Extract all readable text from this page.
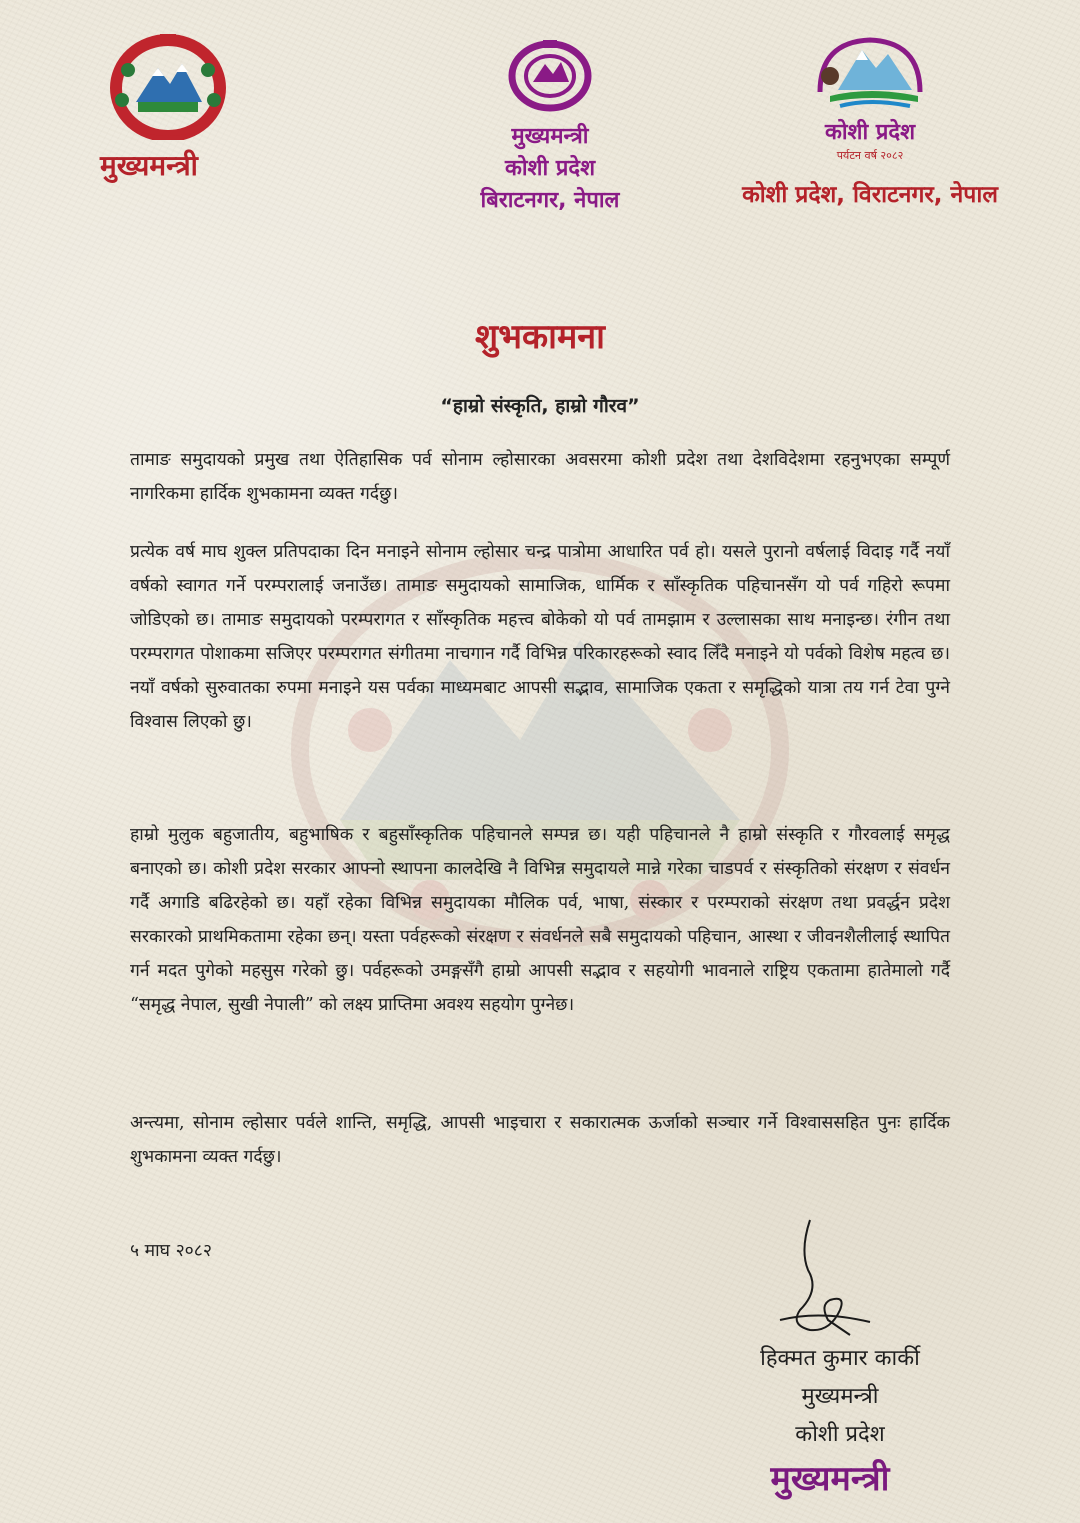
मुख्यमन्त्री
मुख्यमन्त्री
कोशी प्रदेश
बिराटनगर, नेपाल
कोशी प्रदेश
पर्यटन वर्ष २०८२
कोशी प्रदेश, विराटनगर, नेपाल
शुभकामना
“हाम्रो संस्कृति, हाम्रो गौरव”
तामाङ समुदायको प्रमुख तथा ऐतिहासिक पर्व सोनाम ल्होसारका अवसरमा कोशी प्रदेश तथा देशविदेशमा रहनुभएका सम्पूर्ण नागरिकमा हार्दिक शुभकामना व्यक्त गर्दछु।
प्रत्येक वर्ष माघ शुक्ल प्रतिपदाका दिन मनाइने सोनाम ल्होसार चन्द्र पात्रोमा आधारित पर्व हो। यसले पुरानो वर्षलाई विदाइ गर्दै नयाँ वर्षको स्वागत गर्ने परम्परालाई जनाउँछ। तामाङ समुदायको सामाजिक, धार्मिक र साँस्कृतिक पहिचानसँग यो पर्व गहिरो रूपमा जोडिएको छ। तामाङ समुदायको परम्परागत र साँस्कृतिक महत्त्व बोकेको यो पर्व तामझाम र उल्लासका साथ मनाइन्छ। रंगीन तथा परम्परागत पोशाकमा सजिएर परम्परागत संगीतमा नाचगान गर्दै विभिन्न परिकारहरूको स्वाद लिँदै मनाइने यो पर्वको विशेष महत्व छ। नयाँ वर्षको सुरुवातका रुपमा मनाइने यस पर्वका माध्यमबाट आपसी सद्भाव, सामाजिक एकता र समृद्धिको यात्रा तय गर्न टेवा पुग्ने विश्वास लिएको छु।
हाम्रो मुलुक बहुजातीय, बहुभाषिक र बहुसाँस्कृतिक पहिचानले सम्पन्न छ। यही पहिचानले नै हाम्रो संस्कृति र गौरवलाई समृद्ध बनाएको छ। कोशी प्रदेश सरकार आफ्नो स्थापना कालदेखि नै विभिन्न समुदायले मान्ने गरेका चाडपर्व र संस्कृतिको संरक्षण र संवर्धन गर्दै अगाडि बढिरहेको छ। यहाँ रहेका विभिन्न समुदायका मौलिक पर्व, भाषा, संस्कार र परम्पराको संरक्षण तथा प्रवर्द्धन प्रदेश सरकारको प्राथमिकतामा रहेका छन्। यस्ता पर्वहरूको संरक्षण र संवर्धनले सबै समुदायको पहिचान, आस्था र जीवनशैलीलाई स्थापित गर्न मदत पुगेको महसुस गरेको छु। पर्वहरूको उमङ्गसँगै हाम्रो आपसी सद्भाव र सहयोगी भावनाले राष्ट्रिय एकतामा हातेमालो गर्दै “समृद्ध नेपाल, सुखी नेपाली” को लक्ष्य प्राप्तिमा अवश्य सहयोग पुग्नेछ।
अन्त्यमा, सोनाम ल्होसार पर्वले शान्ति, समृद्धि, आपसी भाइचारा र सकारात्मक ऊर्जाको सञ्चार गर्ने विश्वाससहित पुनः हार्दिक शुभकामना व्यक्त गर्दछु।
५ माघ २०८२
हिक्मत कुमार कार्की
मुख्यमन्त्री
कोशी प्रदेश
मुख्यमन्त्री
